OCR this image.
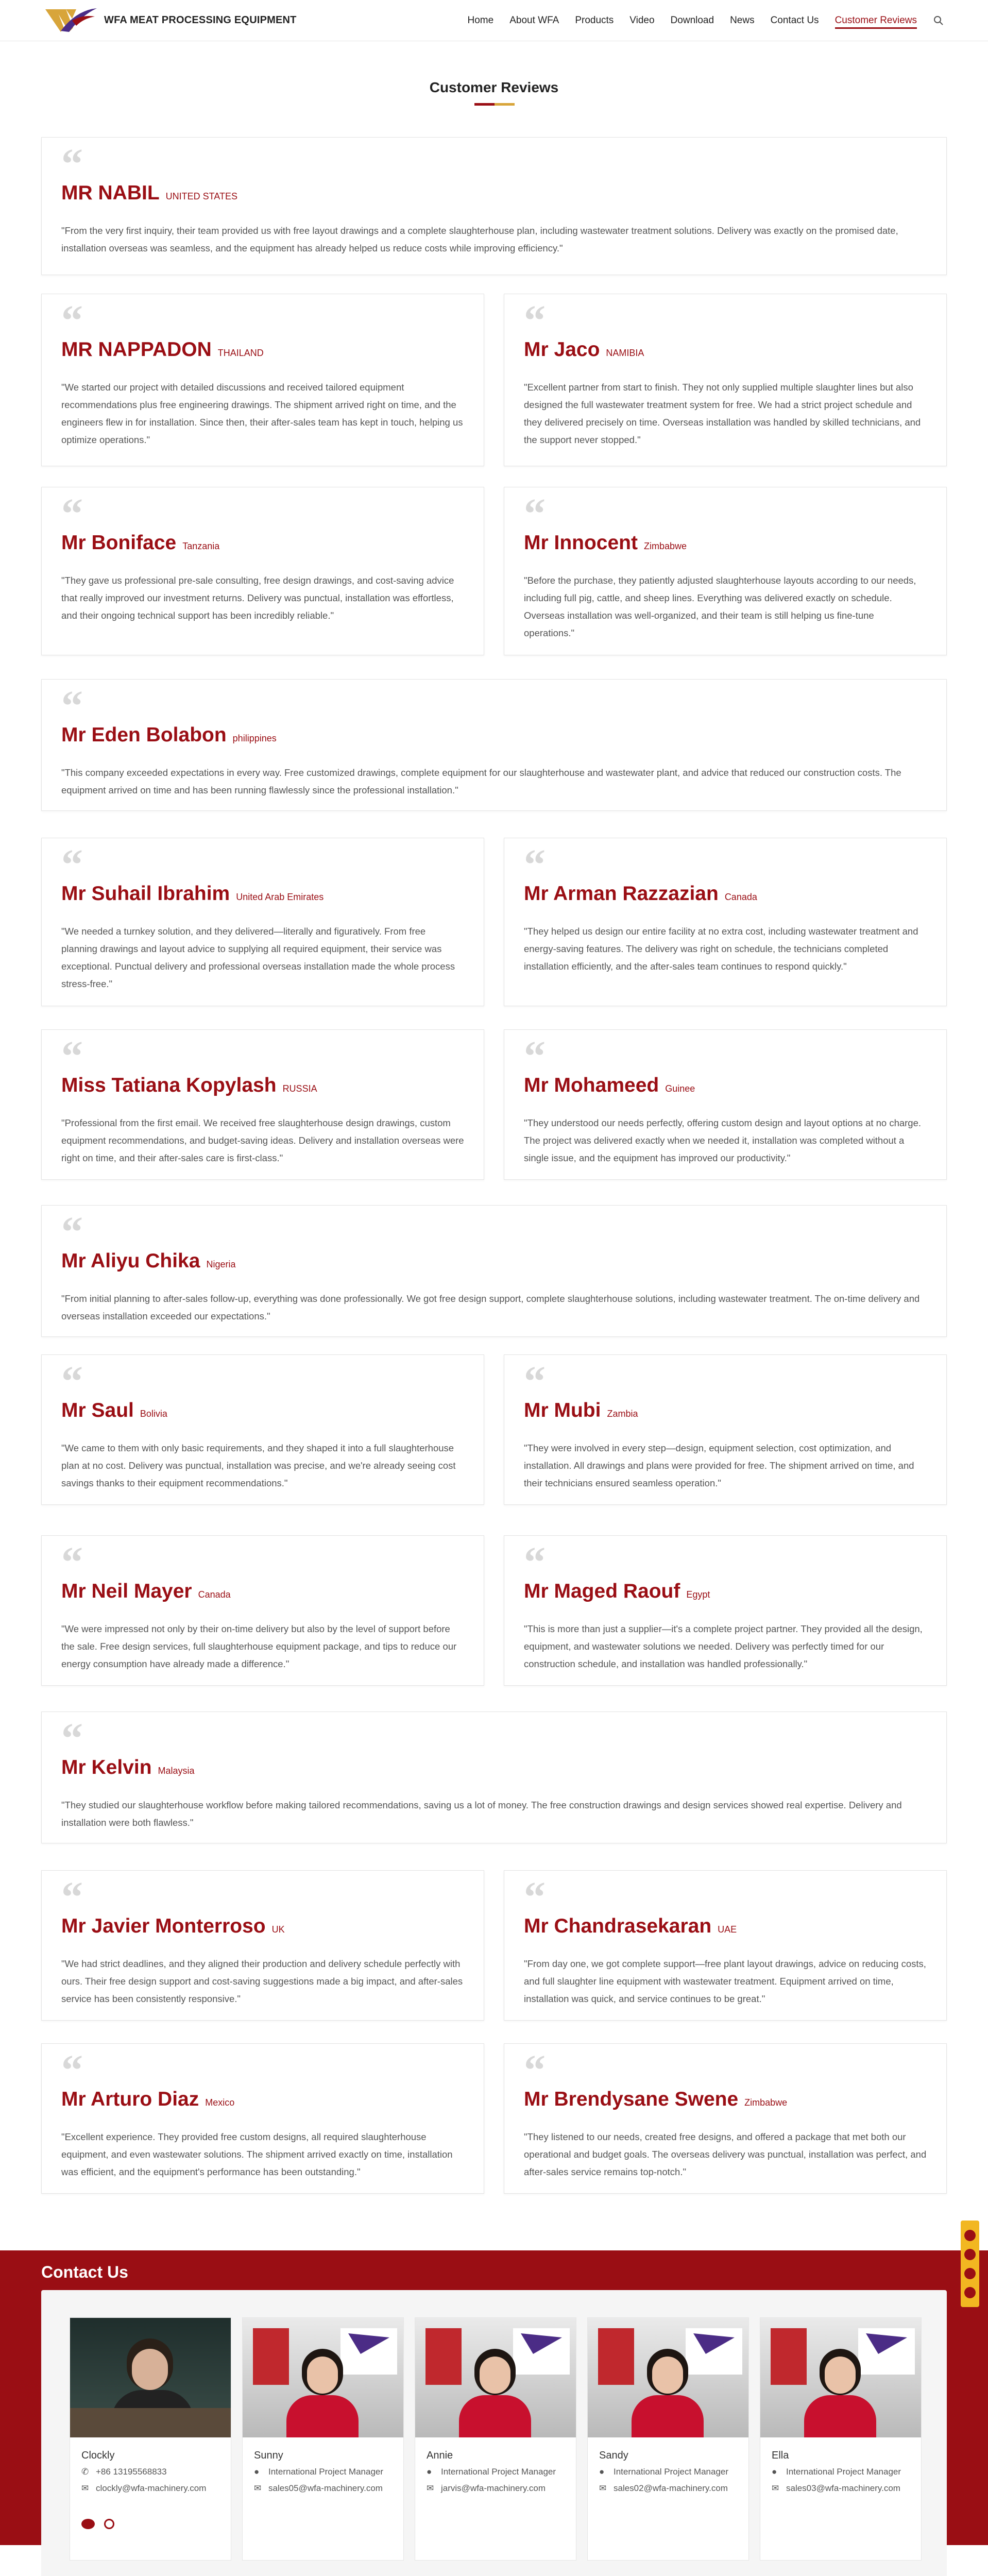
WFA MEAT PROCESSING EQUIPMENT	Home About WFA Products Video Download News Contact Us Customer Reviews
Customer Reviews
“
MR NABIL UNITED STATES
"From the very first inquiry, their team provided us with free layout drawings and a complete slaughterhouse plan, including wastewater treatment solutions. Delivery was exactly on the promised date, installation overseas was seamless, and the equipment has already helped us reduce costs while improving efficiency."
“
MR NAPPADON THAILAND
"We started our project with detailed discussions and received tailored equipment recommendations plus free engineering drawings. The shipment arrived right on time, and the engineers flew in for installation. Since then, their after-sales team has kept in touch, helping us optimize operations."
“
Mr Jaco NAMIBIA
"Excellent partner from start to finish. They not only supplied multiple slaughter lines but also designed the full wastewater treatment system for free. We had a strict project schedule and they delivered precisely on time. Overseas installation was handled by skilled technicians, and the support never stopped."
“
Mr Boniface Tanzania
"They gave us professional pre-sale consulting, free design drawings, and cost-saving advice that really improved our investment returns. Delivery was punctual, installation was effortless, and their ongoing technical support has been incredibly reliable."
“
Mr Innocent Zimbabwe
"Before the purchase, they patiently adjusted slaughterhouse layouts according to our needs, including full pig, cattle, and sheep lines. Everything was delivered exactly on schedule. Overseas installation was well-organized, and their team is still helping us fine-tune operations."
“
Mr Eden Bolabon philippines
"This company exceeded expectations in every way. Free customized drawings, complete equipment for our slaughterhouse and wastewater plant, and advice that reduced our construction costs. The equipment arrived on time and has been running flawlessly since the professional installation."
“
Mr Suhail Ibrahim United Arab Emirates
"We needed a turnkey solution, and they delivered—literally and figuratively. From free planning drawings and layout advice to supplying all required equipment, their service was exceptional. Punctual delivery and professional overseas installation made the whole process stress-free."
“
Mr Arman Razzazian Canada
"They helped us design our entire facility at no extra cost, including wastewater treatment and energy-saving features. The delivery was right on schedule, the technicians completed installation efficiently, and the after-sales team continues to respond quickly."
“
Miss Tatiana Kopylash RUSSIA
"Professional from the first email. We received free slaughterhouse design drawings, custom equipment recommendations, and budget-saving ideas. Delivery and installation overseas were right on time, and their after-sales care is first-class."
“
Mr Mohameed Guinee
"They understood our needs perfectly, offering custom design and layout options at no charge. The project was delivered exactly when we needed it, installation was completed without a single issue, and the equipment has improved our productivity."
“
Mr Aliyu Chika Nigeria
"From initial planning to after-sales follow-up, everything was done professionally. We got free design support, complete slaughterhouse solutions, including wastewater treatment. The on-time delivery and overseas installation exceeded our expectations."
“
Mr Saul Bolivia
"We came to them with only basic requirements, and they shaped it into a full slaughterhouse plan at no cost. Delivery was punctual, installation was precise, and we're already seeing cost savings thanks to their equipment recommendations."
“
Mr Mubi Zambia
"They were involved in every step—design, equipment selection, cost optimization, and installation. All drawings and plans were provided for free. The shipment arrived on time, and their technicians ensured seamless operation."
“
Mr Neil Mayer Canada
"We were impressed not only by their on-time delivery but also by the level of support before the sale. Free design services, full slaughterhouse equipment package, and tips to reduce our energy consumption have already made a difference."
“
Mr Maged Raouf Egypt
"This is more than just a supplier—it's a complete project partner. They provided all the design, equipment, and wastewater solutions we needed. Delivery was perfectly timed for our construction schedule, and installation was handled professionally."
“
Mr Kelvin Malaysia
"They studied our slaughterhouse workflow before making tailored recommendations, saving us a lot of money. The free construction drawings and design services showed real expertise. Delivery and installation were both flawless."
“
Mr Javier Monterroso UK
"We had strict deadlines, and they aligned their production and delivery schedule perfectly with ours. Their free design support and cost-saving suggestions made a big impact, and after-sales service has been consistently responsive."
“
Mr Chandrasekaran UAE
"From day one, we got complete support—free plant layout drawings, advice on reducing costs, and full slaughter line equipment with wastewater treatment. Equipment arrived on time, installation was quick, and service continues to be great."
“
Mr Arturo Diaz Mexico
"Excellent experience. They provided free custom designs, all required slaughterhouse equipment, and even wastewater solutions. The shipment arrived exactly on time, installation was efficient, and the equipment's performance has been outstanding."
“
Mr Brendysane Swene Zimbabwe
"They listened to our needs, created free designs, and offered a package that met both our operational and budget goals. The overseas delivery was punctual, installation was perfect, and after-sales service remains top-notch."
Contact Us
Clockly
✆ +86 13195568833
✉ clockly@wfa-machinery.com
Sunny
●	International Project Manager
✉ sales05@wfa-machinery.com
Annie
●	International Project Manager
✉ jarvis@wfa-machinery.com
Sandy
●	International Project Manager
✉ sales02@wfa-machinery.com
Ella
●	International Project Manager
✉ sales03@wfa-machinery.com
